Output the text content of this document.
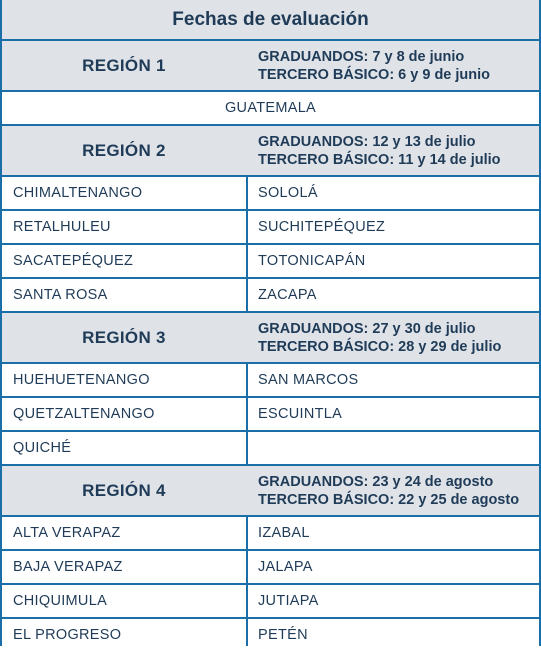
Fechas de evaluación
REGIÓN 1	GRADUANDOS: 7 y 8 de junio
TERCERO BÁSICO: 6 y 9 de junio
GUATEMALA
REGIÓN 2	GRADUANDOS: 12 y 13 de julio
TERCERO BÁSICO: 11 y 14 de julio
CHIMALTENANGO	SOLOLÁ
RETALHULEU	SUCHITEPÉQUEZ
SACATEPÉQUEZ	TOTONICAPÁN
SANTA ROSA	ZACAPA
REGIÓN 3	GRADUANDOS: 27 y 30 de julio
TERCERO BÁSICO: 28 y 29 de julio
HUEHUETENANGO	SAN MARCOS
QUETZALTENANGO	ESCUINTLA
QUICHÉ
REGIÓN 4	GRADUANDOS: 23 y 24 de agosto
TERCERO BÁSICO: 22 y 25 de agosto
ALTA VERAPAZ	IZABAL
BAJA VERAPAZ	JALAPA
CHIQUIMULA	JUTIAPA
EL PROGRESO	PETÉN
